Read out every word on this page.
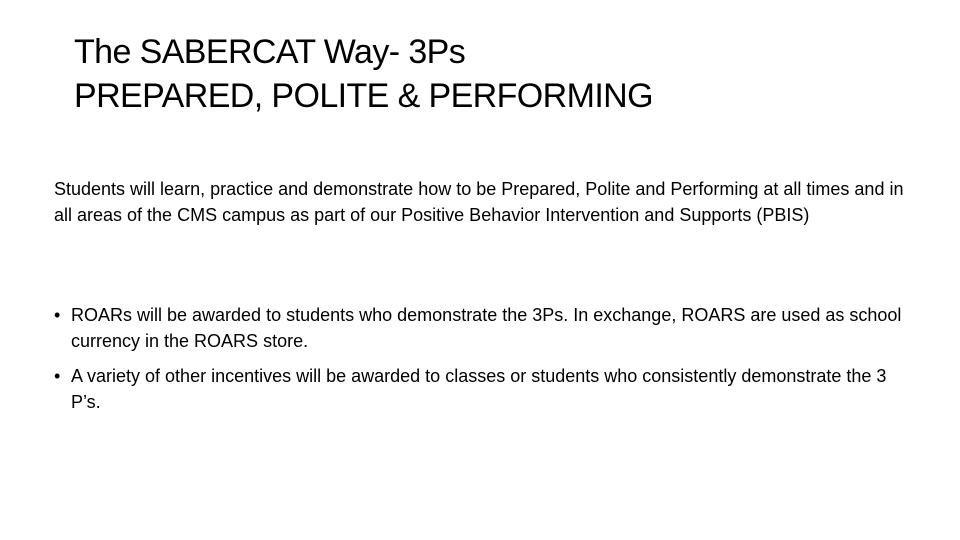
The SABERCAT Way- 3Ps
PREPARED, POLITE & PERFORMING

Students will learn, practice and demonstrate how to be Prepared, Polite and Performing at all times and in all areas of the CMS campus as part of our Positive Behavior Intervention and Supports (PBIS)

• ROARs will be awarded to students who demonstrate the 3Ps. In exchange, ROARS are used as school currency in the ROARS store.
• A variety of other incentives will be awarded to classes or students who consistently demonstrate the 3 P’s.
